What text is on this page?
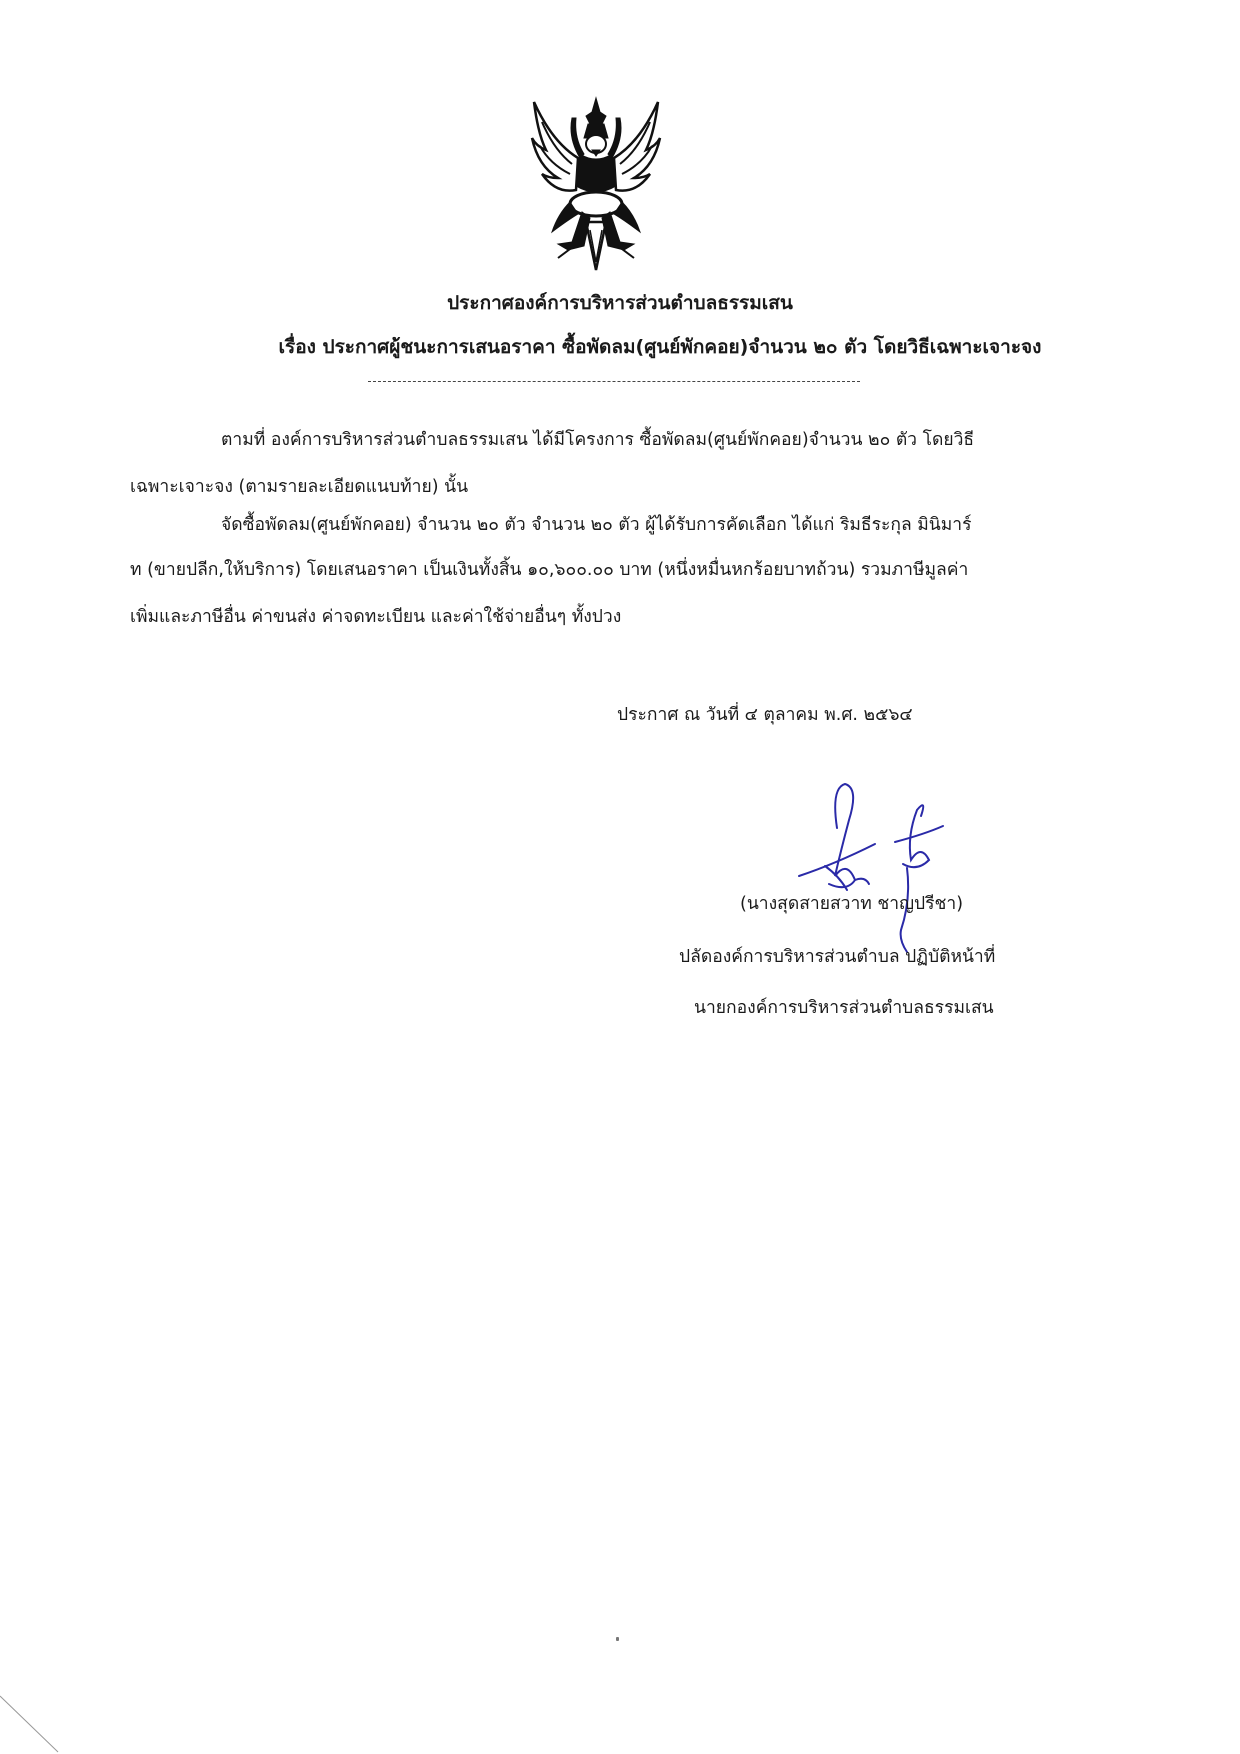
ประกาศองค์การบริหารส่วนตำบลธรรมเสน
เรื่อง ประกาศผู้ชนะการเสนอราคา ซื้อพัดลม(ศูนย์พักคอย)จำนวน ๒๐ ตัว โดยวิธีเฉพาะเจาะจง
ตามที่ องค์การบริหารส่วนตำบลธรรมเสน ได้มีโครงการ ซื้อพัดลม(ศูนย์พักคอย)จำนวน ๒๐ ตัว โดยวิธี
เฉพาะเจาะจง (ตามรายละเอียดแนบท้าย) นั้น
จัดซื้อพัดลม(ศูนย์พักคอย) จำนวน ๒๐ ตัว จำนวน ๒๐ ตัว ผู้ได้รับการคัดเลือก ได้แก่ ริมธีระกุล มินิมาร์
ท (ขายปลีก,ให้บริการ) โดยเสนอราคา เป็นเงินทั้งสิ้น ๑๐,๖๐๐.๐๐ บาท (หนึ่งหมื่นหกร้อยบาทถ้วน) รวมภาษีมูลค่า
เพิ่มและภาษีอื่น ค่าขนส่ง ค่าจดทะเบียน และค่าใช้จ่ายอื่นๆ ทั้งปวง
ประกาศ ณ วันที่ ๔ ตุลาคม พ.ศ. ๒๕๖๔
(นางสุดสายสวาท ชาญปรีชา)
ปลัดองค์การบริหารส่วนตำบล ปฏิบัติหน้าที่
นายกองค์การบริหารส่วนตำบลธรรมเสน
